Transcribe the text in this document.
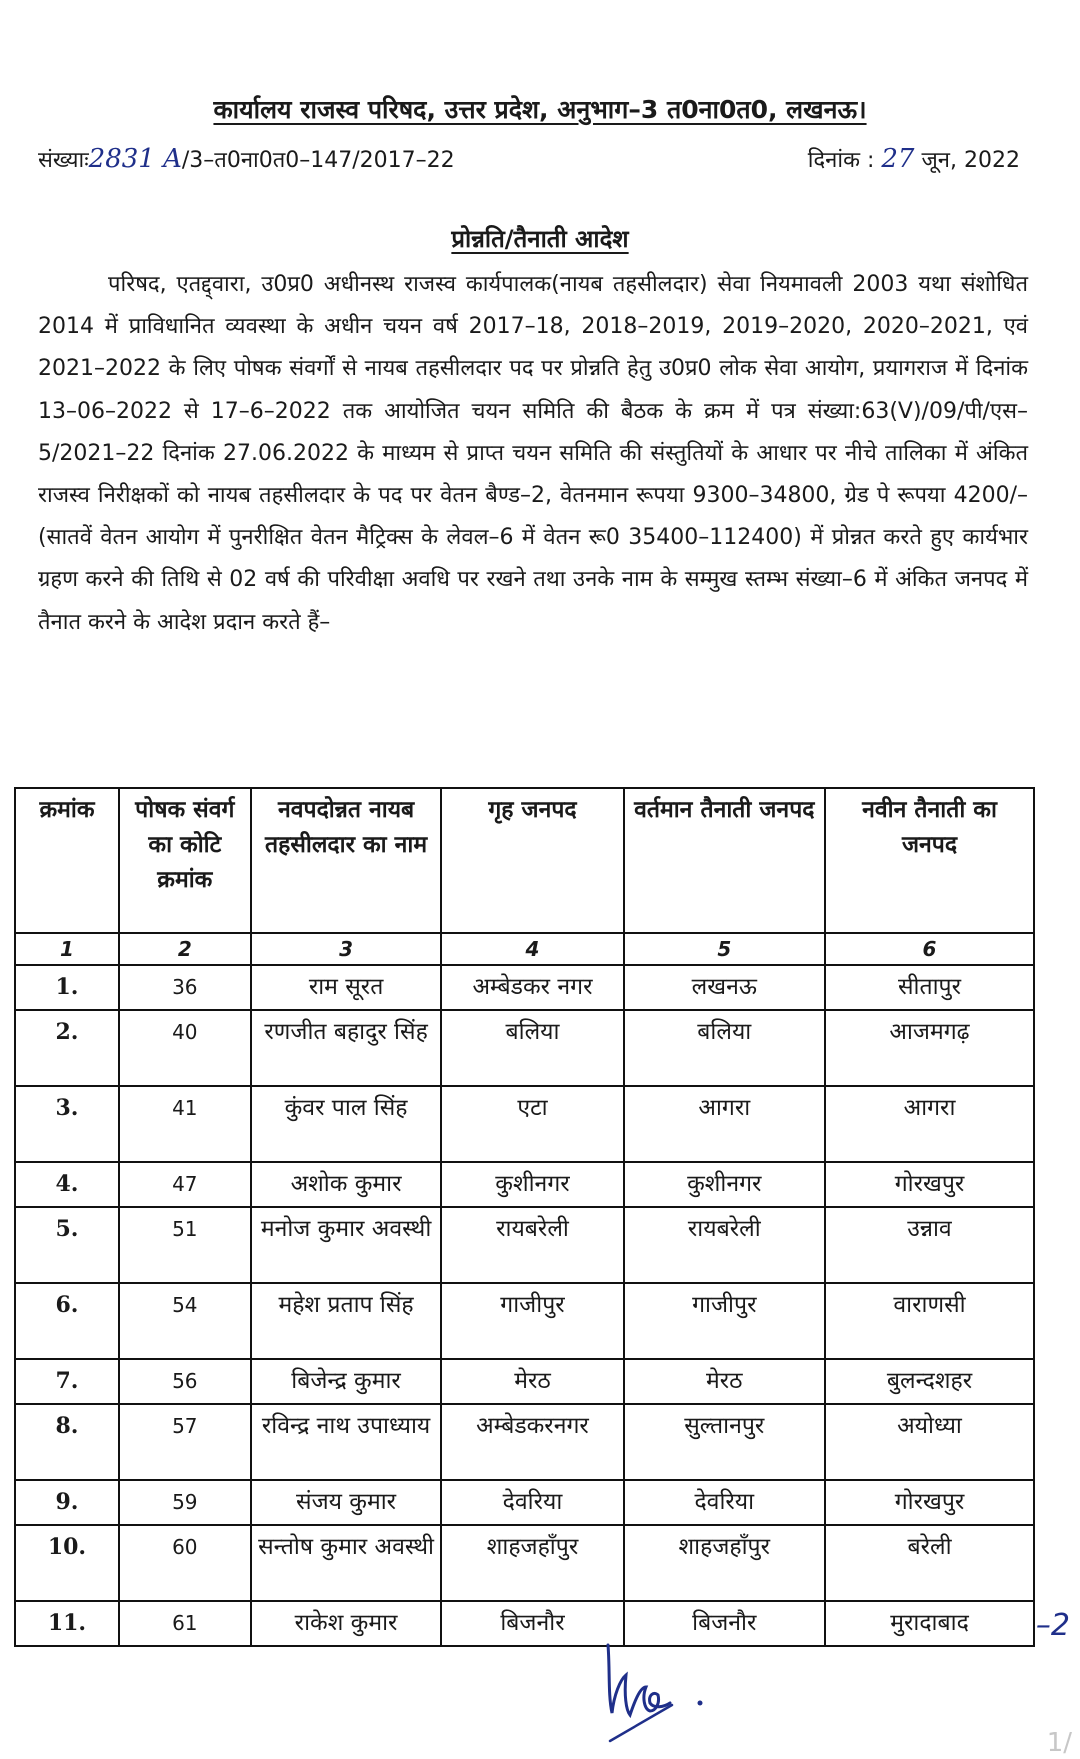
कार्यालय राजस्व परिषद, उत्तर प्रदेश, अनुभाग–3 त0ना0त0, लखनऊ।
संख्याः2831 A/3–त0ना0त0–147/2017–22	दिनांक : 27 जून, 2022
प्रोन्नति/तैनाती आदेश
परिषद, एतद्द्वारा, उ0प्र0 अधीनस्थ राजस्व कार्यपालक(नायब तहसीलदार) सेवा नियमावली 2003 यथा संशोधित 2014 में प्राविधानित व्यवस्था के अधीन चयन वर्ष 2017–18, 2018–2019, 2019–2020, 2020–2021, एवं 2021–2022 के लिए पोषक संवर्गों से नायब तहसीलदार पद पर प्रोन्नति हेतु उ0प्र0 लोक सेवा आयोग, प्रयागराज में दिनांक 13–06–2022 से 17–6–2022 तक आयोजित चयन समिति की बैठक के क्रम में पत्र संख्या:63(V)/09/पी/एस–5/2021–22 दिनांक 27.06.2022 के माध्यम से प्राप्त चयन समिति की संस्तुतियों के आधार पर नीचे तालिका में अंकित राजस्व निरीक्षकों को नायब तहसीलदार के पद पर वेतन बैण्ड–2, वेतनमान रूपया 9300–34800, ग्रेड पे रूपया 4200/– (सातवें वेतन आयोग में पुनरीक्षित वेतन मैट्रिक्स के लेवल–6 में वेतन रू0 35400–112400) में प्रोन्नत करते हुए कार्यभार ग्रहण करने की तिथि से 02 वर्ष की परिवीक्षा अवधि पर रखने तथा उनके नाम के सम्मुख स्तम्भ संख्या–6 में अंकित जनपद में तैनात करने के आदेश प्रदान करते हैं–
क्रमांक	पोषक संवर्ग का कोटि क्रमांक	नवपदोन्नत नायब तहसीलदार का नाम	गृह जनपद	वर्तमान तैनाती जनपद	नवीन तैनाती का जनपद
1	2	3	4	5	6
1.	36	राम सूरत	अम्बेडकर नगर	लखनऊ	सीतापुर
2.	40	रणजीत बहादुर सिंह	बलिया	बलिया	आजमगढ़
3.	41	कुंवर पाल सिंह	एटा	आगरा	आगरा
4.	47	अशोक कुमार	कुशीनगर	कुशीनगर	गोरखपुर
5.	51	मनोज कुमार अवस्थी	रायबरेली	रायबरेली	उन्नाव
6.	54	महेश प्रताप सिंह	गाजीपुर	गाजीपुर	वाराणसी
7.	56	बिजेन्द्र कुमार	मेरठ	मेरठ	बुलन्दशहर
8.	57	रविन्द्र नाथ उपाध्याय	अम्बेडकरनगर	सुल्तानपुर	अयोध्या
9.	59	संजय कुमार	देवरिया	देवरिया	गोरखपुर
10.	60	सन्तोष कुमार अवस्थी	शाहजहाँपुर	शाहजहाँपुर	बरेली
11.	61	राकेश कुमार	बिजनौर	बिजनौर	मुरादाबाद –2
1/
